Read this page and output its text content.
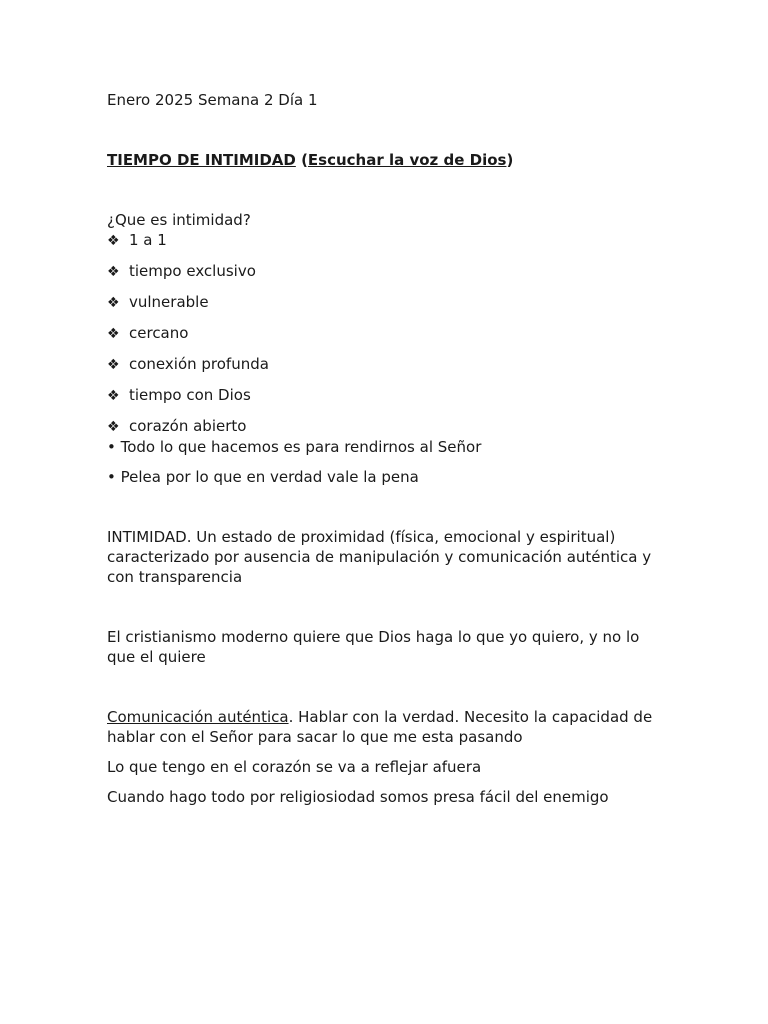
Enero 2025 Semana 2 Día 1

TIEMPO DE INTIMIDAD (Escuchar la voz de Dios)

¿Que es intimidad?

❖ 1 a 1
❖ tiempo exclusivo
❖ vulnerable
❖ cercano
❖ conexión profunda
❖ tiempo con Dios
❖ corazón abierto
• Todo lo que hacemos es para rendirnos al Señor
• Pelea por lo que en verdad vale la pena

INTIMIDAD. Un estado de proximidad (física, emocional y espiritual) caracterizado por ausencia de manipulación y comunicación auténtica y con transparencia

El cristianismo moderno quiere que Dios haga lo que yo quiero, y no lo que el quiere

Comunicación auténtica. Hablar con la verdad. Necesito la capacidad de hablar con el Señor para sacar lo que me esta pasando

Lo que tengo en el corazón se va a reflejar afuera

Cuando hago todo por religiosiodad somos presa fácil del enemigo
